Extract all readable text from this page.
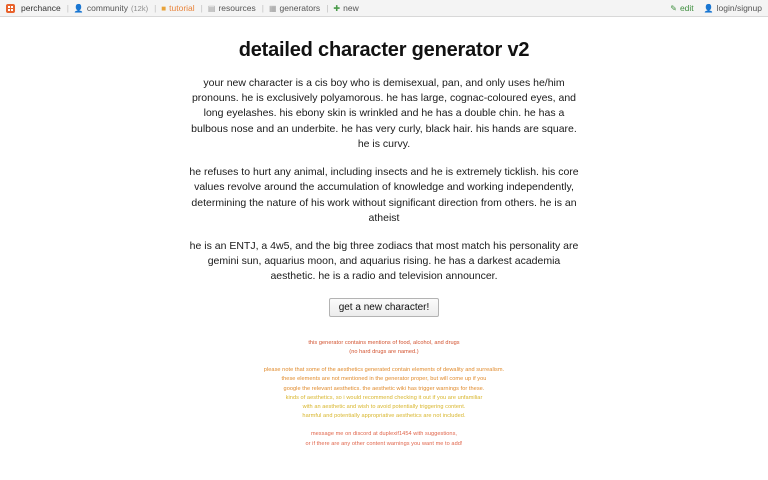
perchance | 👤 community (12k) | ■ tutorial | ▤ resources | ▦ generators | ✚ new	✎ edit 👤 login/signup
detailed character generator v2

your new character is a cis boy who is demisexual, pan, and only uses he/him pronouns. he is exclusively polyamorous. he has large, cognac-coloured eyes, and long eyelashes. his ebony skin is wrinkled and he has a double chin. he has a bulbous nose and an underbite. he has very curly, black hair. his hands are square. he is curvy.

he refuses to hurt any animal, including insects and he is extremely ticklish. his core values revolve around the accumulation of knowledge and working independently, determining the nature of his work without significant direction from others. he is an atheist

he is an ENTJ, a 4w5, and the big three zodiacs that most match his personality are gemini sun, aquarius moon, and aquarius rising. he has a darkest academia aesthetic. he is a radio and television announcer.

get a new character!
this generator contains mentions of food, alcohol, and drugs
(no hard drugs are named.)
please note that some of the aesthetics generated contain elements of dewality and surrealism.
these elements are not mentioned in the generator proper, but will come up if you
google the relevant aesthetics. the aesthetic wiki has trigger warnings for these.
kinds of aesthetics, so i would recommend checking it out if you are unfamiliar
with an aesthetic and wish to avoid potentially triggering content.
harmful and potentially appropriative aesthetics are not included.
message me on discord at duplexif1454 with suggestions,
or if there are any other content warnings you want me to add!
